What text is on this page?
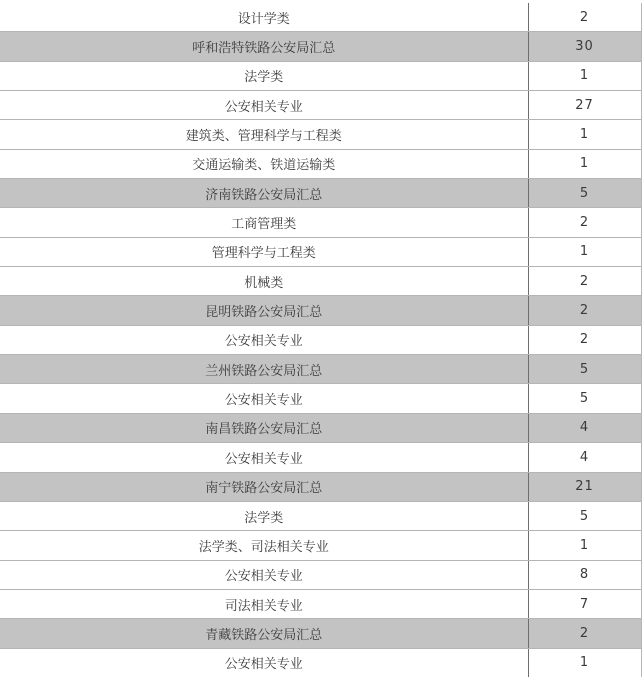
设计学类	2
呼和浩特铁路公安局汇总	30
法学类	1
公安相关专业	27
建筑类、管理科学与工程类	1
交通运输类、铁道运输类	1
济南铁路公安局汇总	5
工商管理类	2
管理科学与工程类	1
机械类	2
昆明铁路公安局汇总	2
公安相关专业	2
兰州铁路公安局汇总	5
公安相关专业	5
南昌铁路公安局汇总	4
公安相关专业	4
南宁铁路公安局汇总	21
法学类	5
法学类、司法相关专业	1
公安相关专业	8
司法相关专业	7
青藏铁路公安局汇总	2
公安相关专业	1
